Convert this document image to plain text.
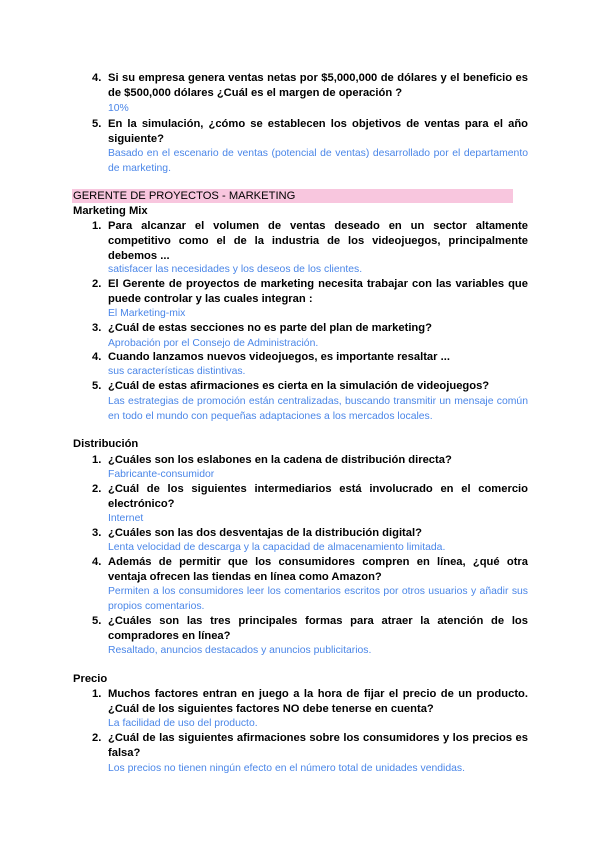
4. Si su empresa genera ventas netas por $5,000,000 de dólares y el beneficio es de $500,000 dólares ¿Cuál es el margen de operación ?
10%
5. En la simulación, ¿cómo se establecen los objetivos de ventas para el año siguiente?
Basado en el escenario de ventas (potencial de ventas) desarrollado por el departamento de marketing.
GERENTE DE PROYECTOS - MARKETING
Marketing Mix
1. Para alcanzar el volumen de ventas deseado en un sector altamente competitivo como el de la industria de los videojuegos, principalmente debemos ...
satisfacer las necesidades y los deseos de los clientes.
2. El Gerente de proyectos de marketing necesita trabajar con las variables que puede controlar y las cuales integran :
El Marketing-mix
3. ¿Cuál de estas secciones no es parte del plan de marketing?
Aprobación por el Consejo de Administración.
4. Cuando lanzamos nuevos videojuegos, es importante resaltar ...
sus características distintivas.
5. ¿Cuál de estas afirmaciones es cierta en la simulación de videojuegos?
Las estrategias de promoción están centralizadas, buscando transmitir un mensaje común en todo el mundo con pequeñas adaptaciones a los mercados locales.
Distribución
1. ¿Cuáles son los eslabones en la cadena de distribución directa?
Fabricante-consumidor
2. ¿Cuál de los siguientes intermediarios está involucrado en el comercio electrónico?
Internet
3. ¿Cuáles son las dos desventajas de la distribución digital?
Lenta velocidad de descarga y la capacidad de almacenamiento limitada.
4. Además de permitir que los consumidores compren en línea, ¿qué otra ventaja ofrecen las tiendas en línea como Amazon?
Permiten a los consumidores leer los comentarios escritos por otros usuarios y añadir sus propios comentarios.
5. ¿Cuáles son las tres principales formas para atraer la atención de los compradores en línea?
Resaltado, anuncios destacados y anuncios publicitarios.
Precio
1. Muchos factores entran en juego a la hora de fijar el precio de un producto. ¿Cuál de los siguientes factores NO debe tenerse en cuenta?
La facilidad de uso del producto.
2. ¿Cuál de las siguientes afirmaciones sobre los consumidores y los precios es falsa?
Los precios no tienen ningún efecto en el número total de unidades vendidas.
